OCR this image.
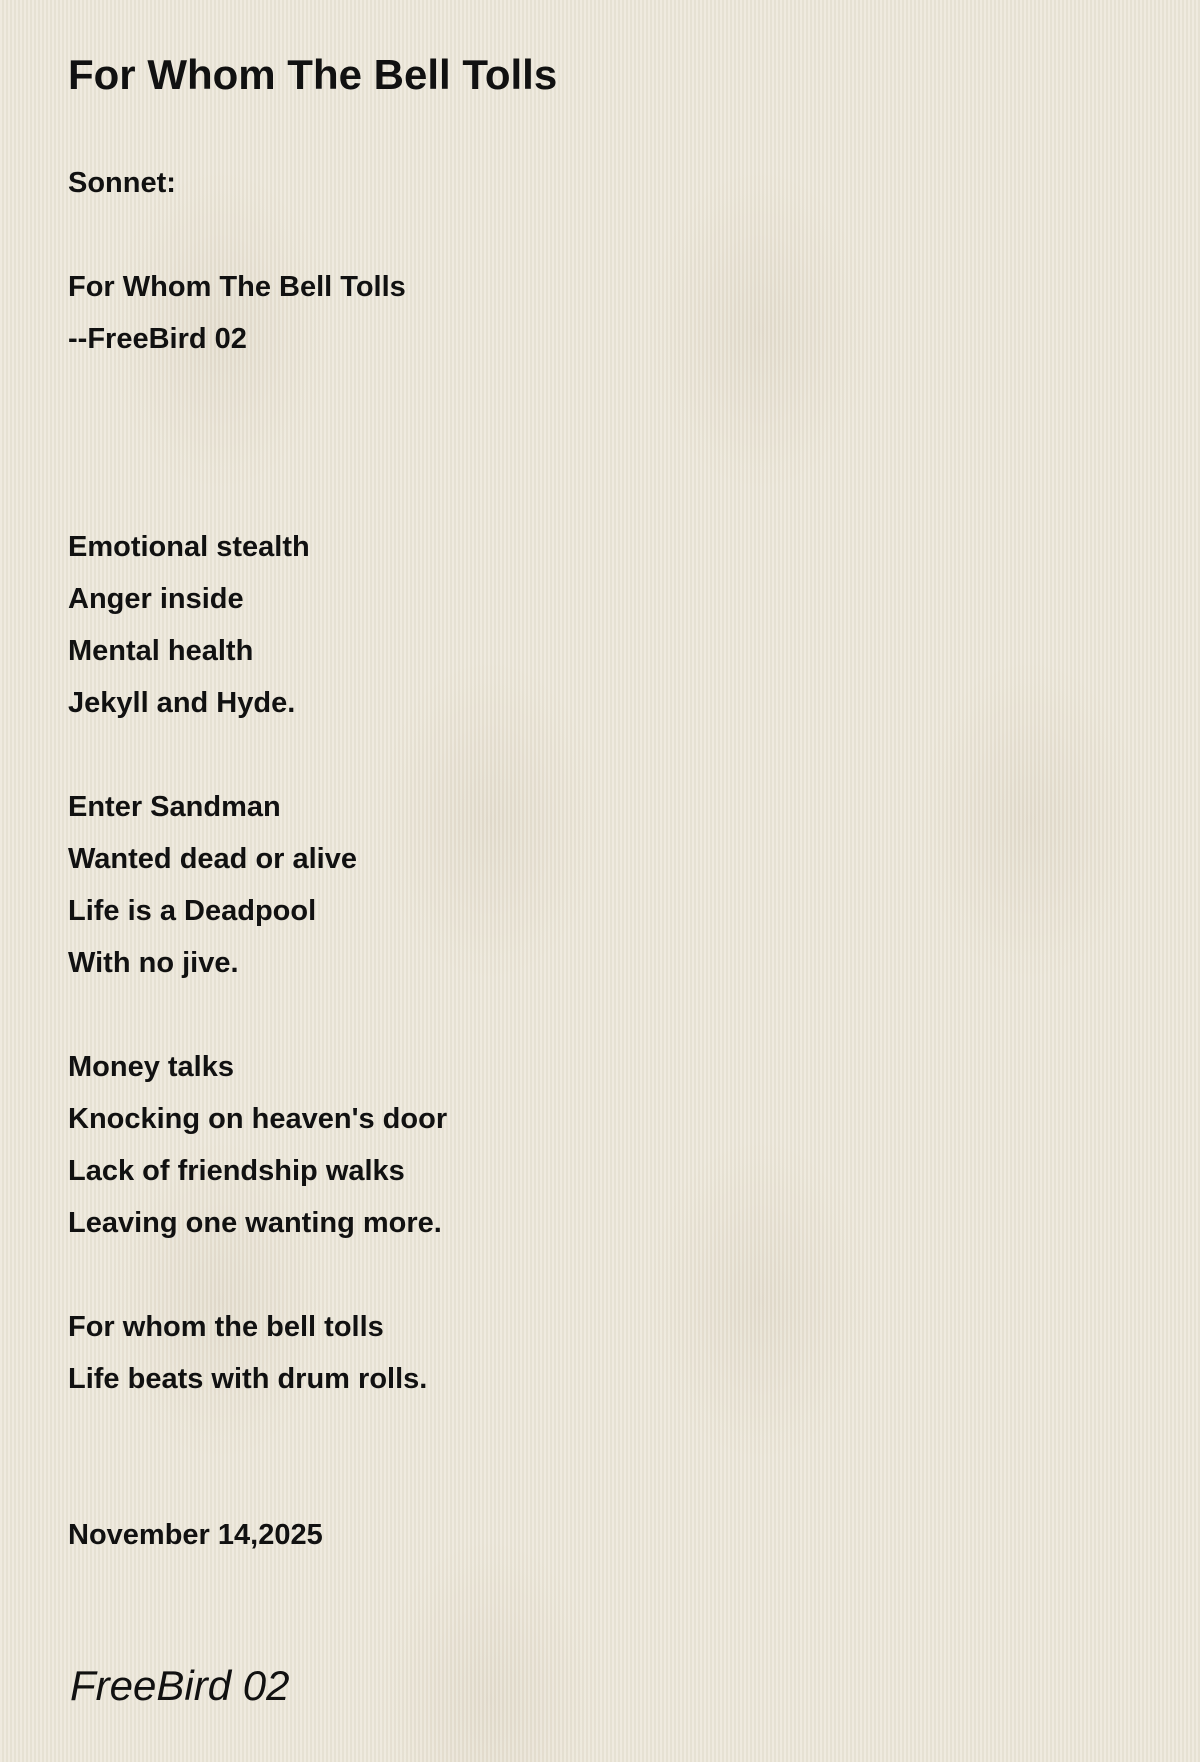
For Whom The Bell Tolls
Sonnet:
For Whom The Bell Tolls
--FreeBird 02
Emotional stealth
Anger inside
Mental health
Jekyll and Hyde.
Enter Sandman
Wanted dead or alive
Life is a Deadpool
With no jive.
Money talks
Knocking on heaven's door
Lack of friendship walks
Leaving one wanting more.
For whom the bell tolls
Life beats with drum rolls.
November 14,2025
FreeBird 02
